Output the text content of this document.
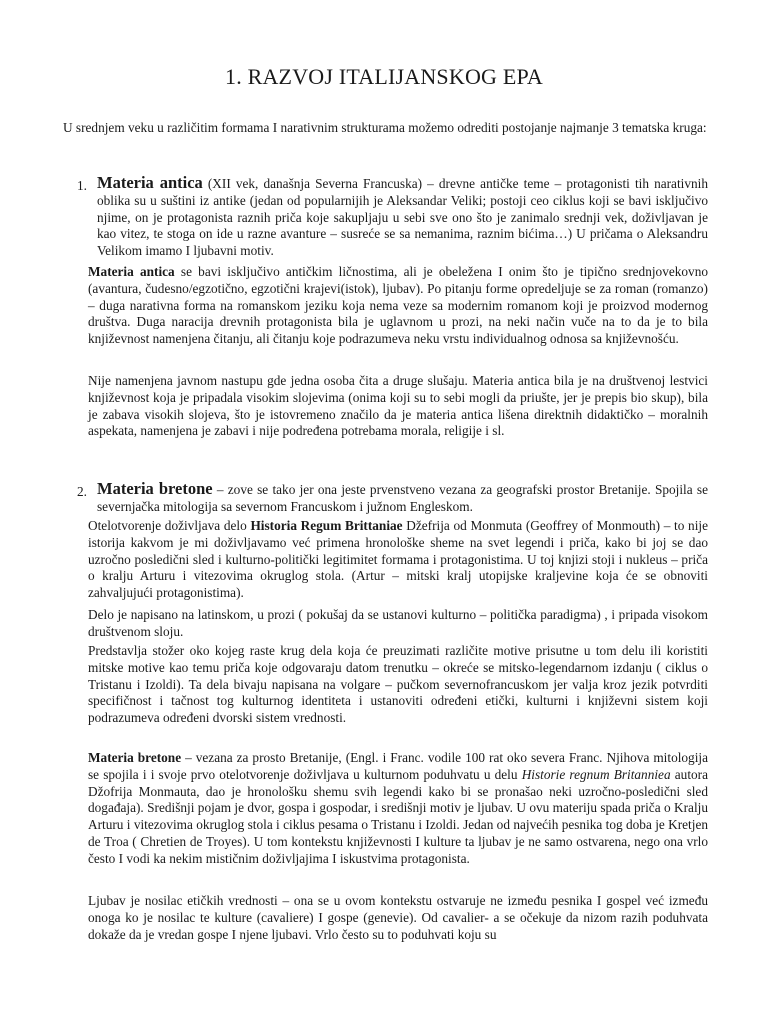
1. RAZVOJ ITALIJANSKOG EPA

U srednjem veku u različitim formama I narativnim strukturama možemo odrediti postojanje najmanje 3 tematska kruga:

1. Materia antica (XII vek, današnja Severna Francuska) – drevne antičke teme – protagonisti tih narativnih oblika su u suštini iz antike (jedan od popularnijih je Aleksandar Veliki; postoji ceo ciklus koji se bavi isključivo njime, on je protagonista raznih priča koje sakupljaju u sebi sve ono što je zanimalo srednji vek, doživljavan je kao vitez, te stoga on ide u razne avanture – susreće se sa nemanima, raznim bićima…) U pričama o Aleksandru Velikom imamo I ljubavni motiv.

Materia antica se bavi isključivo antičkim ličnostima, ali je obeležena I onim što je tipično srednjovekovno (avantura, čudesno/egzotično, egzotični krajevi(istok), ljubav). Po pitanju forme opredeljuje se za roman (romanzo) – duga narativna forma na romanskom jeziku koja nema veze sa modernim romanom koji je proizvod modernog društva. Duga naracija drevnih protagonista bila je uglavnom u prozi, na neki način vuče na to da je to bila književnost namenjena čitanju, ali čitanju koje podrazumeva neku vrstu individualnog odnosa sa književnošću.

Nije namenjena javnom nastupu gde jedna osoba čita a druge slušaju. Materia antica bila je na društvenoj lestvici književnost koja je pripadala visokim slojevima (onima koji su to sebi mogli da priušte, jer je prepis bio skup), bila je zabava visokih slojeva, što je istovremeno značilo da je materia antica lišena direktnih didaktičko – moralnih aspekata, namenjena je zabavi i nije podređena potrebama morala, religije i sl.

2. Materia bretone – zove se tako jer ona jeste prvenstveno vezana za geografski prostor Bretanije. Spojila se severnjačka mitologija sa severnom Francuskom i južnom Engleskom.

Otelotvorenje doživljava delo Historia Regum Brittaniae Džefrija od Monmuta (Geoffrey of Monmouth) – to nije istorija kakvom je mi doživljavamo već primena hronološke sheme na svet legendi i priča, kako bi joj se dao uzročno posledični sled i kulturno-politički legitimitet formama i protagonistima. U toj knjizi stoji i nukleus – priča o kralju Arturu i vitezovima okruglog stola. (Artur – mitski kralj utopijske kraljevine koja će se obnoviti zahvaljujući protagonistima).

Delo je napisano na latinskom, u prozi ( pokušaj da se ustanovi kulturno – politička paradigma) , i pripada visokom društvenom sloju.

Predstavlja stožer oko kojeg raste krug dela koja će preuzimati različite motive prisutne u tom delu ili koristiti mitske motive kao temu priča koje odgovaraju datom trenutku – okreće se mitsko-legendarnom izdanju ( ciklus o Tristanu i Izoldi). Ta dela bivaju napisana na volgare – pučkom severnofrancuskom jer valja kroz jezik potvrditi specifičnost i tačnost tog kulturnog identiteta i ustanoviti određeni etički, kulturni i književni sistem koji podrazumeva određeni dvorski sistem vrednosti.

Materia bretone – vezana za prosto Bretanije, (Engl. i Franc. vodile 100 rat oko severa Franc. Njihova mitologija se spojila i i svoje prvo otelotvorenje doživljava u kulturnom poduhvatu u delu Historie regnum Britanniea autora Džofrija Monmauta, dao je hronološku shemu svih legendi kako bi se pronašao neki uzročno-posledični sled događaja). Središnji pojam je dvor, gospa i gospodar, i središnji motiv je ljubav. U ovu materiju spada priča o Kralju Arturu i vitezovima okruglog stola i ciklus pesama o Tristanu i Izoldi. Jedan od najvećih pesnika tog doba je Kretjen de Troa ( Chretien de Troyes). U tom kontekstu književnosti I kulture ta ljubav je ne samo ostvarena, nego ona vrlo često I vodi ka nekim mističnim doživljajima I iskustvima protagonista.

Ljubav je nosilac etičkih vrednosti – ona se u ovom kontekstu ostvaruje ne između pesnika I gospel već između onoga ko je nosilac te kulture (cavaliere) I gospe (genevie). Od cavalier- a se očekuje da nizom razih poduhvata dokaže da je vredan gospe I njene ljubavi. Vrlo često su to poduhvati koju su
